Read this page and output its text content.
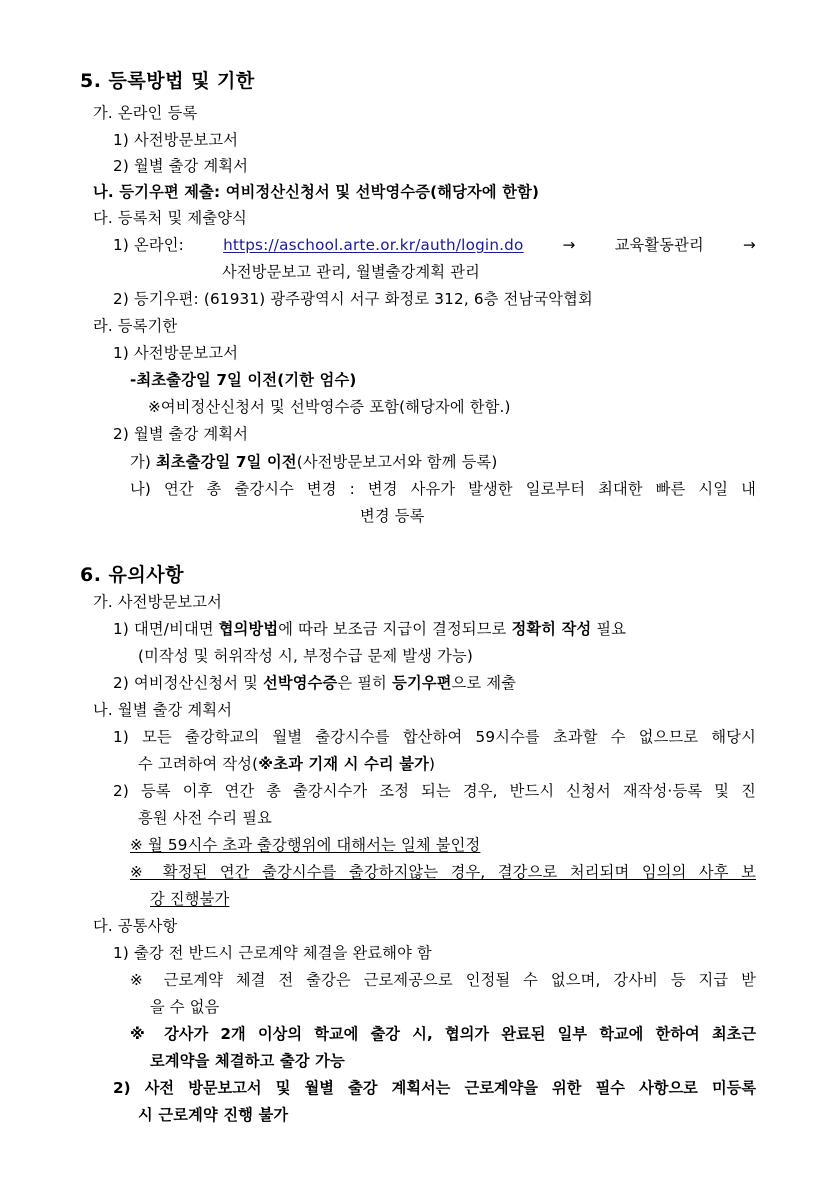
5. 등록방법 및 기한
가. 온라인 등록
1) 사전방문보고서
2) 월별 출강 계획서
나. 등기우편 제출: 여비정산신청서 및 선박영수증(해당자에 한함)
다. 등록처 및 제출양식
1) 온라인:	https://aschool.arte.or.kr/auth/login.do	→	교육활동관리	→
사전방문보고 관리, 월별출강계획 관리
2) 등기우편: (61931) 광주광역시 서구 화정로 312, 6층 전남국악협회
라. 등록기한
1) 사전방문보고서
-최초출강일 7일 이전(기한 엄수)
※여비정산신청서 및 선박영수증 포함(해당자에 한함.)
2) 월별 출강 계획서
가) 최초출강일 7일 이전(사전방문보고서와 함께 등록)
나) 연간 총 출강시수 변경 : 변경 사유가 발생한 일로부터 최대한 빠른 시일 내
변경 등록
6. 유의사항
가. 사전방문보고서
1) 대면/비대면 협의방법에 따라 보조금 지급이 결정되므로 정확히 작성 필요
(미작성 및 허위작성 시, 부정수급 문제 발생 가능)
2) 여비정산신청서 및 선박영수증은 필히 등기우편으로 제출
나. 월별 출강 계획서
1) 모든 출강학교의 월별 출강시수를 합산하여 59시수를 초과할 수 없으므로 해당시
수 고려하여 작성(※초과 기재 시 수리 불가)
2) 등록 이후 연간 총 출강시수가 조정 되는 경우, 반드시 신청서 재작성·등록 및 진
흥원 사전 수리 필요
※ 월 59시수 초과 출강행위에 대해서는 일체 불인정
※ 확정된 연간 출강시수를 출강하지않는 경우, 결강으로 처리되며 임의의 사후 보
강 진행불가
다. 공통사항
1) 출강 전 반드시 근로계약 체결을 완료해야 함
※ 근로계약 체결 전 출강은 근로제공으로 인정될 수 없으며, 강사비 등 지급 받
을 수 없음
※ 강사가 2개 이상의 학교에 출강 시, 협의가 완료된 일부 학교에 한하여 최초근
로계약을 체결하고 출강 가능
2) 사전 방문보고서 및 월별 출강 계획서는 근로계약을 위한 필수 사항으로 미등록
시 근로계약 진행 불가
